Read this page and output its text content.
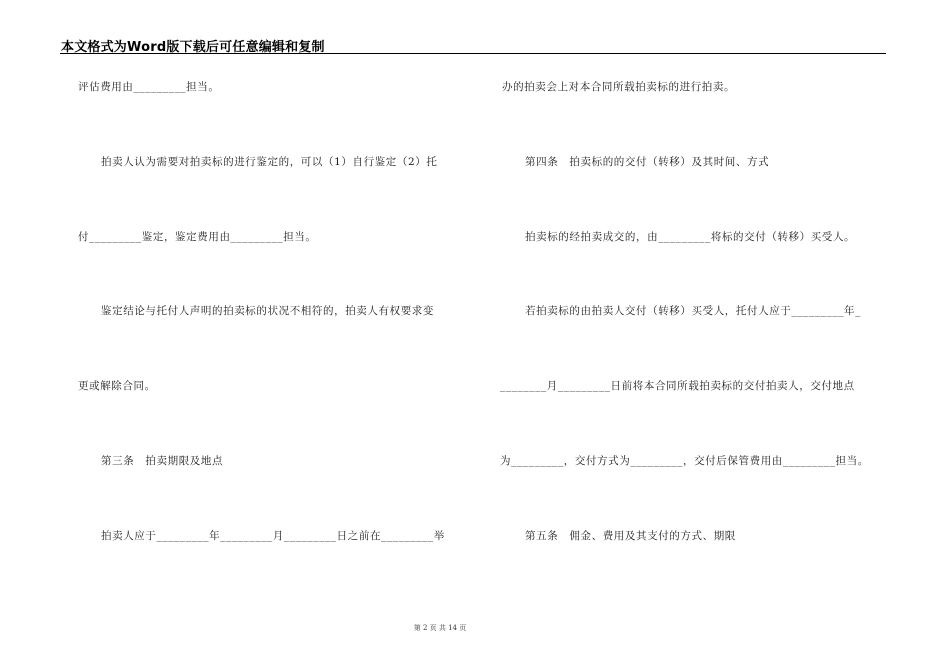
本文格式为Word版下载后可任意编辑和复制
评估费用由_________担当。
拍卖人认为需要对拍卖标的进行鉴定的，可以（1）自行鉴定（2）托
付_________鉴定，鉴定费用由_________担当。
鉴定结论与托付人声明的拍卖标的状况不相符的，拍卖人有权要求变
更或解除合同。
第三条　拍卖期限及地点
拍卖人应于_________年_________月_________日之前在_________举
办的拍卖会上对本合同所载拍卖标的进行拍卖。
第四条　拍卖标的的交付（转移）及其时间、方式
拍卖标的经拍卖成交的，由_________将标的交付（转移）买受人。
若拍卖标的由拍卖人交付（转移）买受人，托付人应于_________年_
________月_________日前将本合同所载拍卖标的交付拍卖人，交付地点
为_________，交付方式为_________，交付后保管费用由_________担当。
第五条　佣金、费用及其支付的方式、期限
第 2 页 共 14 页
